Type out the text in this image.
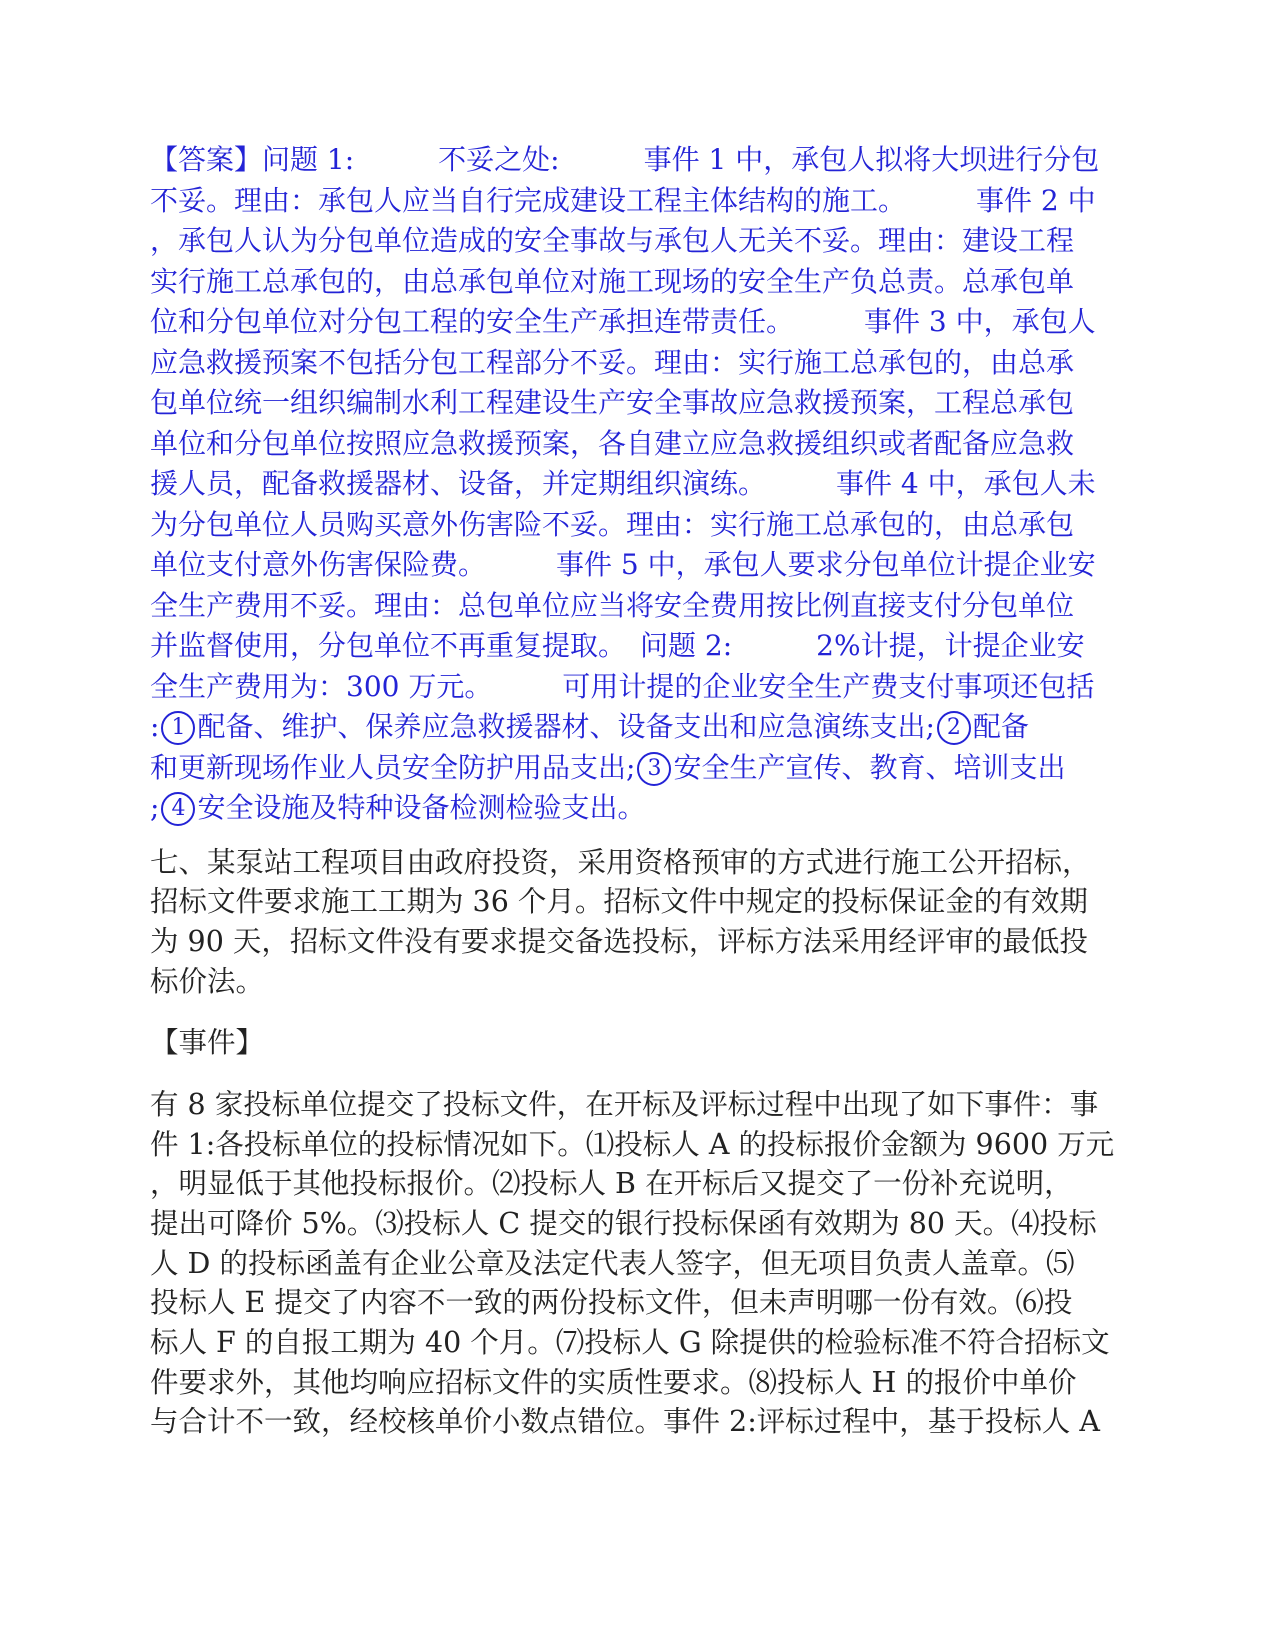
【答案】问题 1:　　　不妥之处:　　　事件 1 中，承包人拟将大坝进行分包
不妥。理由：承包人应当自行完成建设工程主体结构的施工。　　　事件 2 中
，承包人认为分包单位造成的安全事故与承包人无关不妥。理由：建设工程
实行施工总承包的，由总承包单位对施工现场的安全生产负总责。总承包单
位和分包单位对分包工程的安全生产承担连带责任。　　　事件 3 中，承包人
应急救援预案不包括分包工程部分不妥。理由：实行施工总承包的，由总承
包单位统一组织编制水利工程建设生产安全事故应急救援预案，工程总承包
单位和分包单位按照应急救援预案，各自建立应急救援组织或者配备应急救
援人员，配备救援器材、设备，并定期组织演练。　　　事件 4 中，承包人未
为分包单位人员购买意外伤害险不妥。理由：实行施工总承包的，由总承包
单位支付意外伤害保险费。　　　事件 5 中，承包人要求分包单位计提企业安
全生产费用不妥。理由：总包单位应当将安全费用按比例直接支付分包单位
并监督使用，分包单位不再重复提取。　问题 2:　　　2%计提，计提企业安
全生产费用为：300 万元。　　　可用计提的企业安全生产费支付事项还包括
: 1 配备、维护、保养应急救援器材、设备支出和应急演练支出; 2 配备
和更新现场作业人员安全防护用品支出; 3 安全生产宣传、教育、培训支出
; 4 安全设施及特种设备检测检验支出。
七、某泵站工程项目由政府投资，采用资格预审的方式进行施工公开招标，
招标文件要求施工工期为 36 个月。招标文件中规定的投标保证金的有效期
为 90 天，招标文件没有要求提交备选投标，评标方法采用经评审的最低投
标价法。
【事件】
有 8 家投标单位提交了投标文件，在开标及评标过程中出现了如下事件：事
件 1:各投标单位的投标情况如下。⑴投标人 A 的投标报价金额为 9600 万元
，明显低于其他投标报价。⑵投标人 B 在开标后又提交了一份补充说明，
提出可降价 5%。⑶投标人 C 提交的银行投标保函有效期为 80 天。⑷投标
人 D 的投标函盖有企业公章及法定代表人签字，但无项目负责人盖章。⑸
投标人 E 提交了内容不一致的两份投标文件，但未声明哪一份有效。⑹投
标人 F 的自报工期为 40 个月。⑺投标人 G 除提供的检验标准不符合招标文
件要求外，其他均响应招标文件的实质性要求。⑻投标人 H 的报价中单价
与合计不一致，经校核单价小数点错位。事件 2:评标过程中，基于投标人 A
